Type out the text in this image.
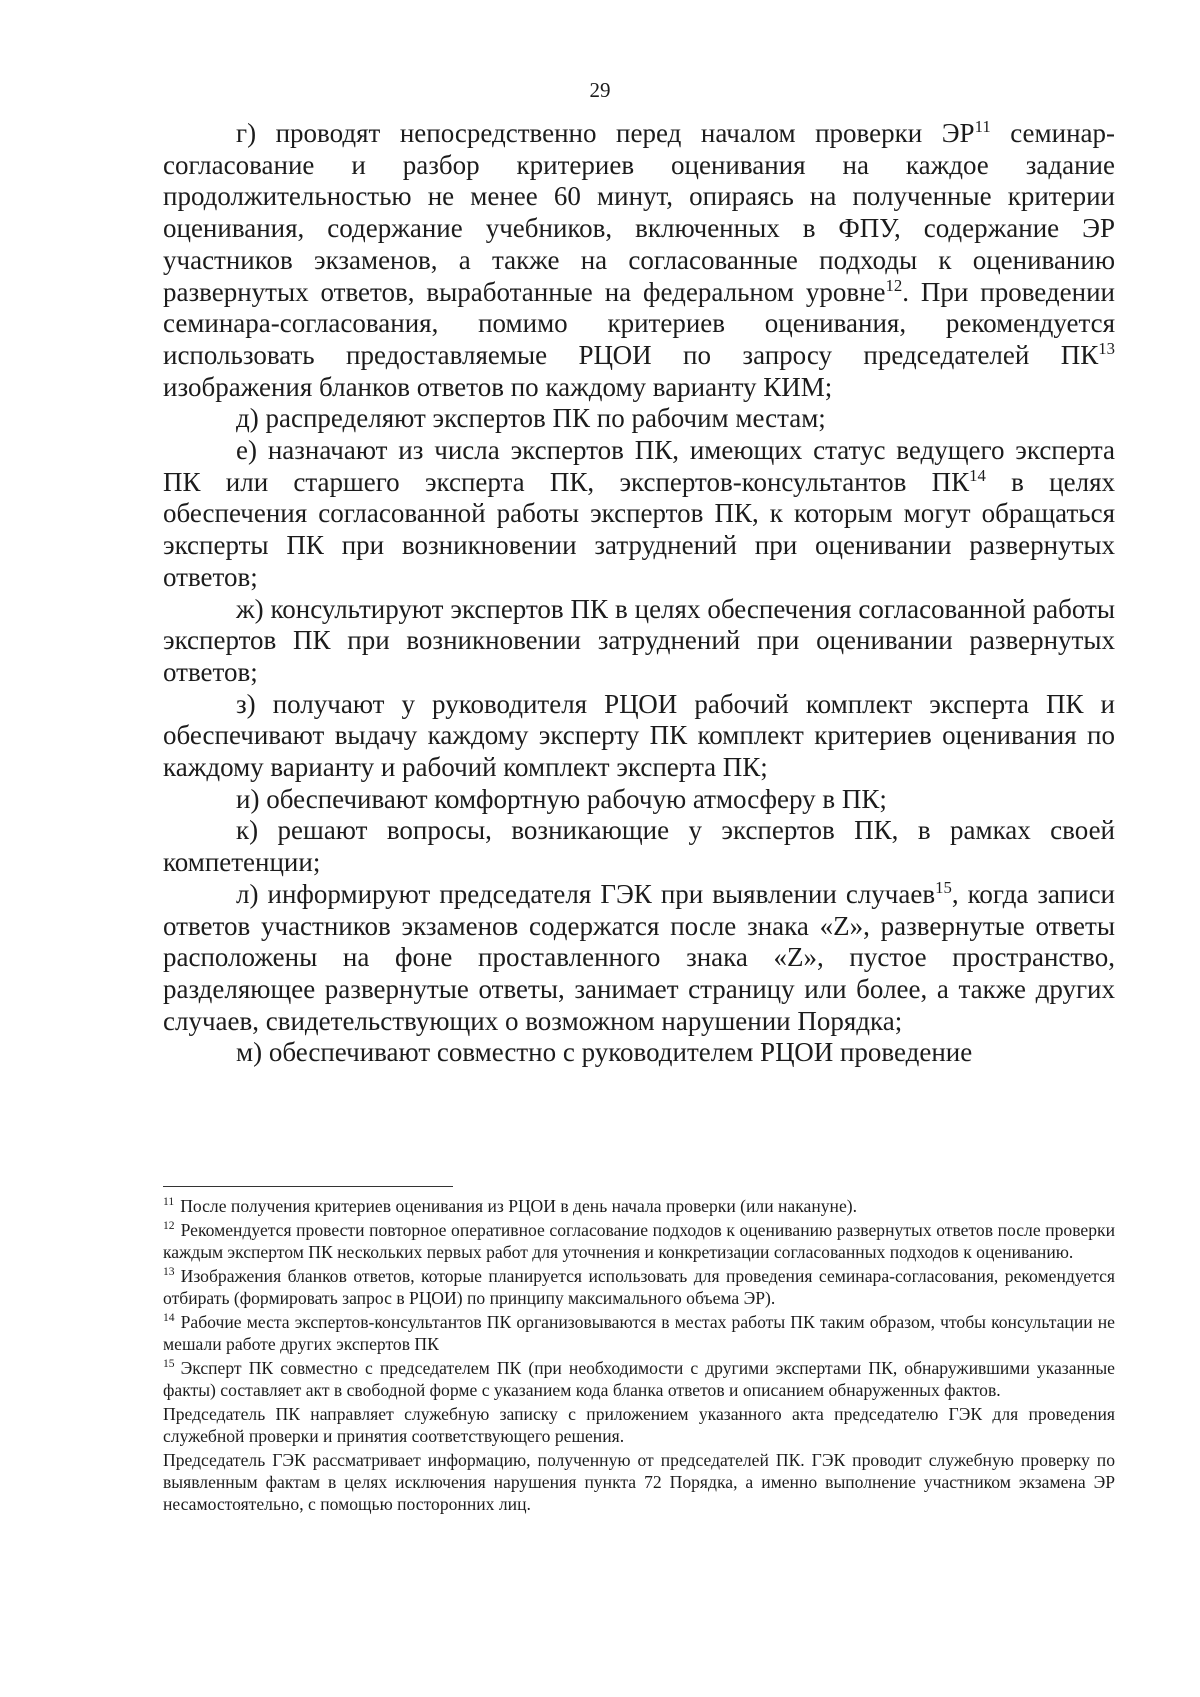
29

г) проводят непосредственно перед началом проверки ЭР$^{11}$ семинар-согласование и разбор критериев оценивания на каждое задание продолжительностью не менее 60 минут, опираясь на полученные критерии оценивания, содержание учебников, включенных в ФПУ, содержание ЭР участников экзаменов, а также на согласованные подходы к оцениванию развернутых ответов, выработанные на федеральном уровне$^{12}$. При проведении семинара-согласования, помимо критериев оценивания, рекомендуется использовать предоставляемые РЦОИ по запросу председателей ПК$^{13}$ изображения бланков ответов по каждому варианту КИМ;

д) распределяют экспертов ПК по рабочим местам;

е) назначают из числа экспертов ПК, имеющих статус ведущего эксперта ПК или старшего эксперта ПК, экспертов-консультантов ПК$^{14}$ в целях обеспечения согласованной работы экспертов ПК, к которым могут обращаться эксперты ПК при возникновении затруднений при оценивании развернутых ответов;

ж) консультируют экспертов ПК в целях обеспечения согласованной работы экспертов ПК при возникновении затруднений при оценивании развернутых ответов;

з) получают у руководителя РЦОИ рабочий комплект эксперта ПК и обеспечивают выдачу каждому эксперту ПК комплект критериев оценивания по каждому варианту и рабочий комплект эксперта ПК;

и) обеспечивают комфортную рабочую атмосферу в ПК;

к) решают вопросы, возникающие у экспертов ПК, в рамках своей компетенции;

л) информируют председателя ГЭК при выявлении случаев$^{15}$, когда записи ответов участников экзаменов содержатся после знака «Z», развернутые ответы расположены на фоне проставленного знака «Z», пустое пространство, разделяющее развернутые ответы, занимает страницу или более, а также других случаев, свидетельствующих о возможном нарушении Порядка;

м) обеспечивают совместно с руководителем РЦОИ проведение

$^{11}$ После получения критериев оценивания из РЦОИ в день начала проверки (или накануне).

$^{12}$ Рекомендуется провести повторное оперативное согласование подходов к оцениванию развернутых ответов после проверки каждым экспертом ПК нескольких первых работ для уточнения и конкретизации согласованных подходов к оцениванию.

$^{13}$ Изображения бланков ответов, которые планируется использовать для проведения семинара-согласования, рекомендуется отбирать (формировать запрос в РЦОИ) по принципу максимального объема ЭР).

$^{14}$ Рабочие места экспертов-консультантов ПК организовываются в местах работы ПК таким образом, чтобы консультации не мешали работе других экспертов ПК

$^{15}$ Эксперт ПК совместно с председателем ПК (при необходимости с другими экспертами ПК, обнаружившими указанные факты) составляет акт в свободной форме с указанием кода бланка ответов и описанием обнаруженных фактов.

Председатель ПК направляет служебную записку с приложением указанного акта председателю ГЭК для проведения служебной проверки и принятия соответствующего решения.

Председатель ГЭК рассматривает информацию, полученную от председателей ПК. ГЭК проводит служебную проверку по выявленным фактам в целях исключения нарушения пункта 72 Порядка, а именно выполнение участником экзамена ЭР несамостоятельно, с помощью посторонних лиц.
